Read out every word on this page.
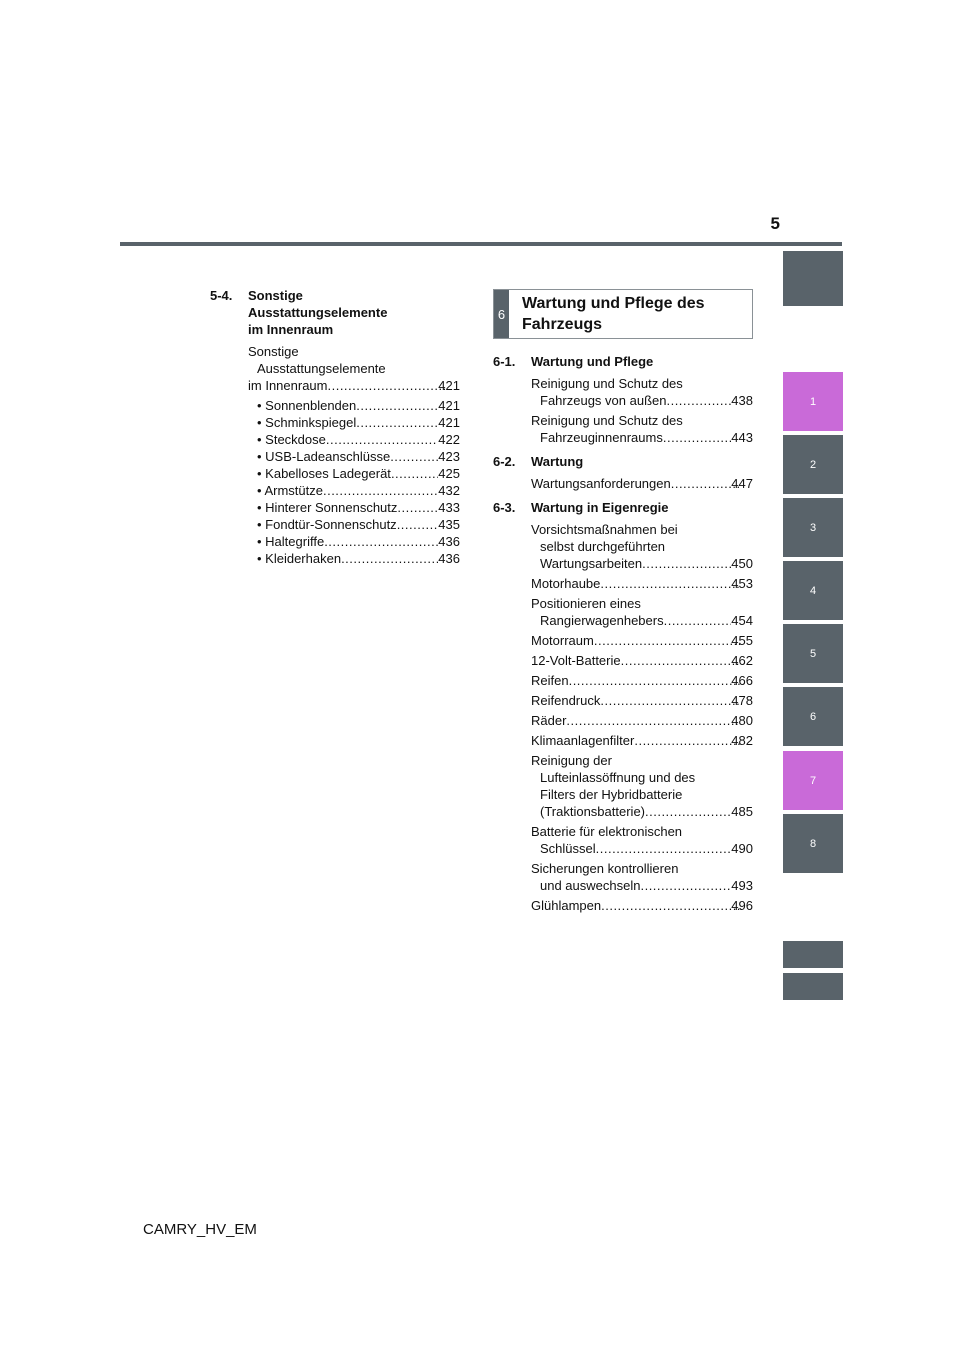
5
5-4.	Sonstige
Ausstattungselemente
im Innenraum
Sonstige
Ausstattungselemente
im Innenraum .....	421
• Sonnenblenden .....	421
• Schminkspiegel .....	421
• Steckdose .....	422
• USB-Ladeanschlüsse .....	423
• Kabelloses Ladegerät .....	425
• Armstütze .....	432
• Hinterer Sonnenschutz .....	433
• Fondtür-Sonnenschutz .....	435
• Haltegriffe .....	436
• Kleiderhaken .....	436
6
Wartung und Pflege des
Fahrzeugs
6-1.	Wartung und Pflege
Reinigung und Schutz des
Fahrzeugs von außen .....	438
Reinigung und Schutz des
Fahrzeuginnenraums .....	443
6-2.	Wartung
Wartungsanforderungen .....	447
6-3.	Wartung in Eigenregie
Vorsichtsmaßnahmen bei
selbst durchgeführten
Wartungsarbeiten .....	450
Motorhaube .....	453
Positionieren eines
Rangierwagenhebers .....	454
Motorraum .....	455
12-Volt-Batterie .....	462
Reifen .....	466
Reifendruck .....	478
Räder .....	480
Klimaanlagenfilter .....	482
Reinigung der
Lufteinlassöffnung und des
Filters der Hybridbatterie
(Traktionsbatterie) .....	485
Batterie für elektronischen
Schlüssel .....	490
Sicherungen kontrollieren
und auswechseln .....	493
Glühlampen .....	496
1
2
3
4
5
6
7
8
CAMRY_HV_EM
